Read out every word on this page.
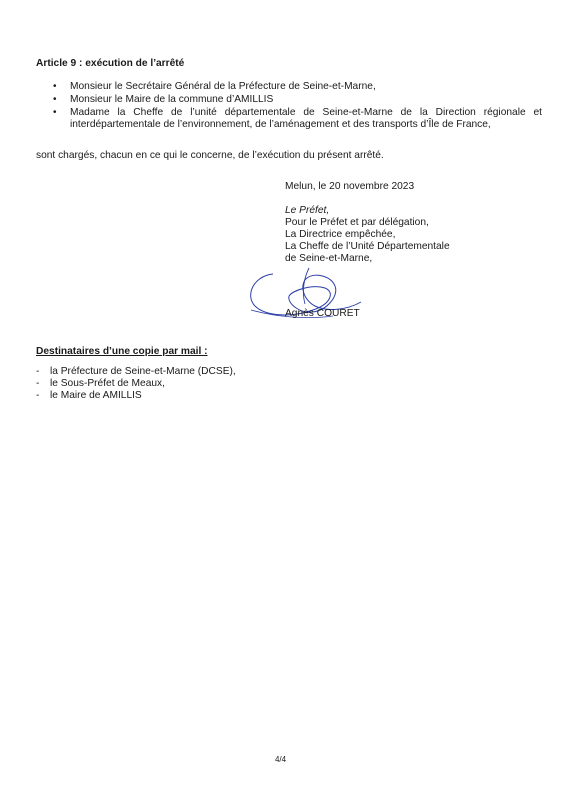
Article 9 : exécution de l’arrêté
• Monsieur le Secrétaire Général de la Préfecture de Seine-et-Marne,
• Monsieur le Maire de la commune d’AMILLIS
• Madame la Cheffe de l’unité départementale de Seine-et-Marne de la Direction régionale et interdépartementale de l’environnement, de l’aménagement et des transports d’Île de France,
sont chargés, chacun en ce qui le concerne, de l’exécution du présent arrêté.
Melun, le 20 novembre 2023
Le Préfet,
Pour le Préfet et par délégation,
La Directrice empêchée,
La Cheffe de l’Unité Départementale
de Seine-et-Marne,
Agnès COURET
Destinataires d’une copie par mail :
- la Préfecture de Seine-et-Marne (DCSE),
- le Sous-Préfet de Meaux,
- le Maire de AMILLIS
4/4
